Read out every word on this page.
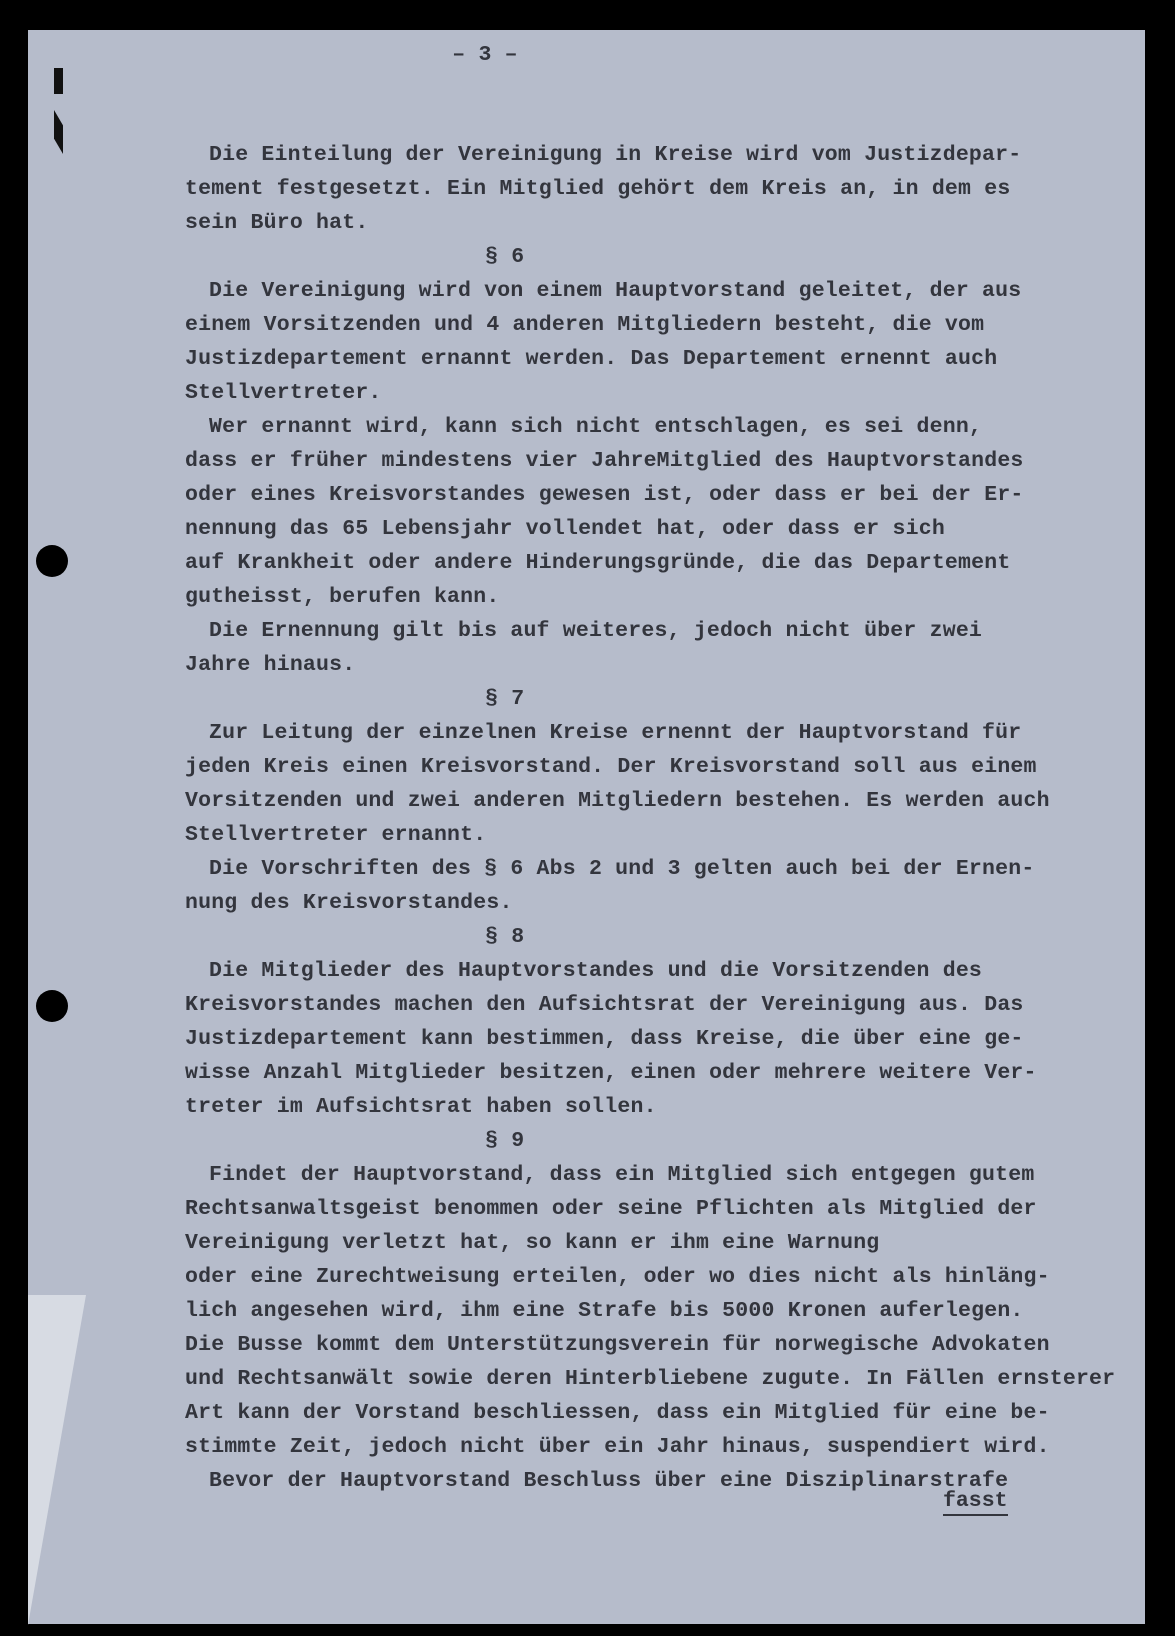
– 3 –
Die Einteilung der Vereinigung in Kreise wird vom Justizdepar-
tement festgesetzt. Ein Mitglied gehört dem Kreis an, in dem es
sein Büro hat.
§ 6
Die Vereinigung wird von einem Hauptvorstand geleitet, der aus
einem Vorsitzenden und 4 anderen Mitgliedern besteht, die vom
Justizdepartement ernannt werden. Das Departement ernennt auch
Stellvertreter.
Wer ernannt wird, kann sich nicht entschlagen, es sei denn,
dass er früher mindestens vier JahreMitglied des Hauptvorstandes
oder eines Kreisvorstandes gewesen ist, oder dass er bei der Er-
nennung das 65 Lebensjahr vollendet hat, oder dass er sich
auf Krankheit oder andere Hinderungsgründe, die das Departement
gutheisst, berufen kann.
Die Ernennung gilt bis auf weiteres, jedoch nicht über zwei
Jahre hinaus.
§ 7
Zur Leitung der einzelnen Kreise ernennt der Hauptvorstand für
jeden Kreis einen Kreisvorstand. Der Kreisvorstand soll aus einem
Vorsitzenden und zwei anderen Mitgliedern bestehen. Es werden auch
Stellvertreter ernannt.
Die Vorschriften des § 6 Abs 2 und 3 gelten auch bei der Ernen-
nung des Kreisvorstandes.
§ 8
Die Mitglieder des Hauptvorstandes und die Vorsitzenden des
Kreisvorstandes machen den Aufsichtsrat der Vereinigung aus. Das
Justizdepartement kann bestimmen, dass Kreise, die über eine ge-
wisse Anzahl Mitglieder besitzen, einen oder mehrere weitere Ver-
treter im Aufsichtsrat haben sollen.
§ 9
Findet der Hauptvorstand, dass ein Mitglied sich entgegen gutem
Rechtsanwaltsgeist benommen oder seine Pflichten als Mitglied der
Vereinigung verletzt hat, so kann er ihm eine Warnung
oder eine Zurechtweisung erteilen, oder wo dies nicht als hinläng-
lich angesehen wird, ihm eine Strafe bis 5000 Kronen auferlegen.
Die Busse kommt dem Unterstützungsverein für norwegische Advokaten
und Rechtsanwält sowie deren Hinterbliebene zugute. In Fällen ernsterer
Art kann der Vorstand beschliessen, dass ein Mitglied für eine be-
stimmte Zeit, jedoch nicht über ein Jahr hinaus, suspendiert wird.
Bevor der Hauptvorstand Beschluss über eine Disziplinarstrafe
fasst
